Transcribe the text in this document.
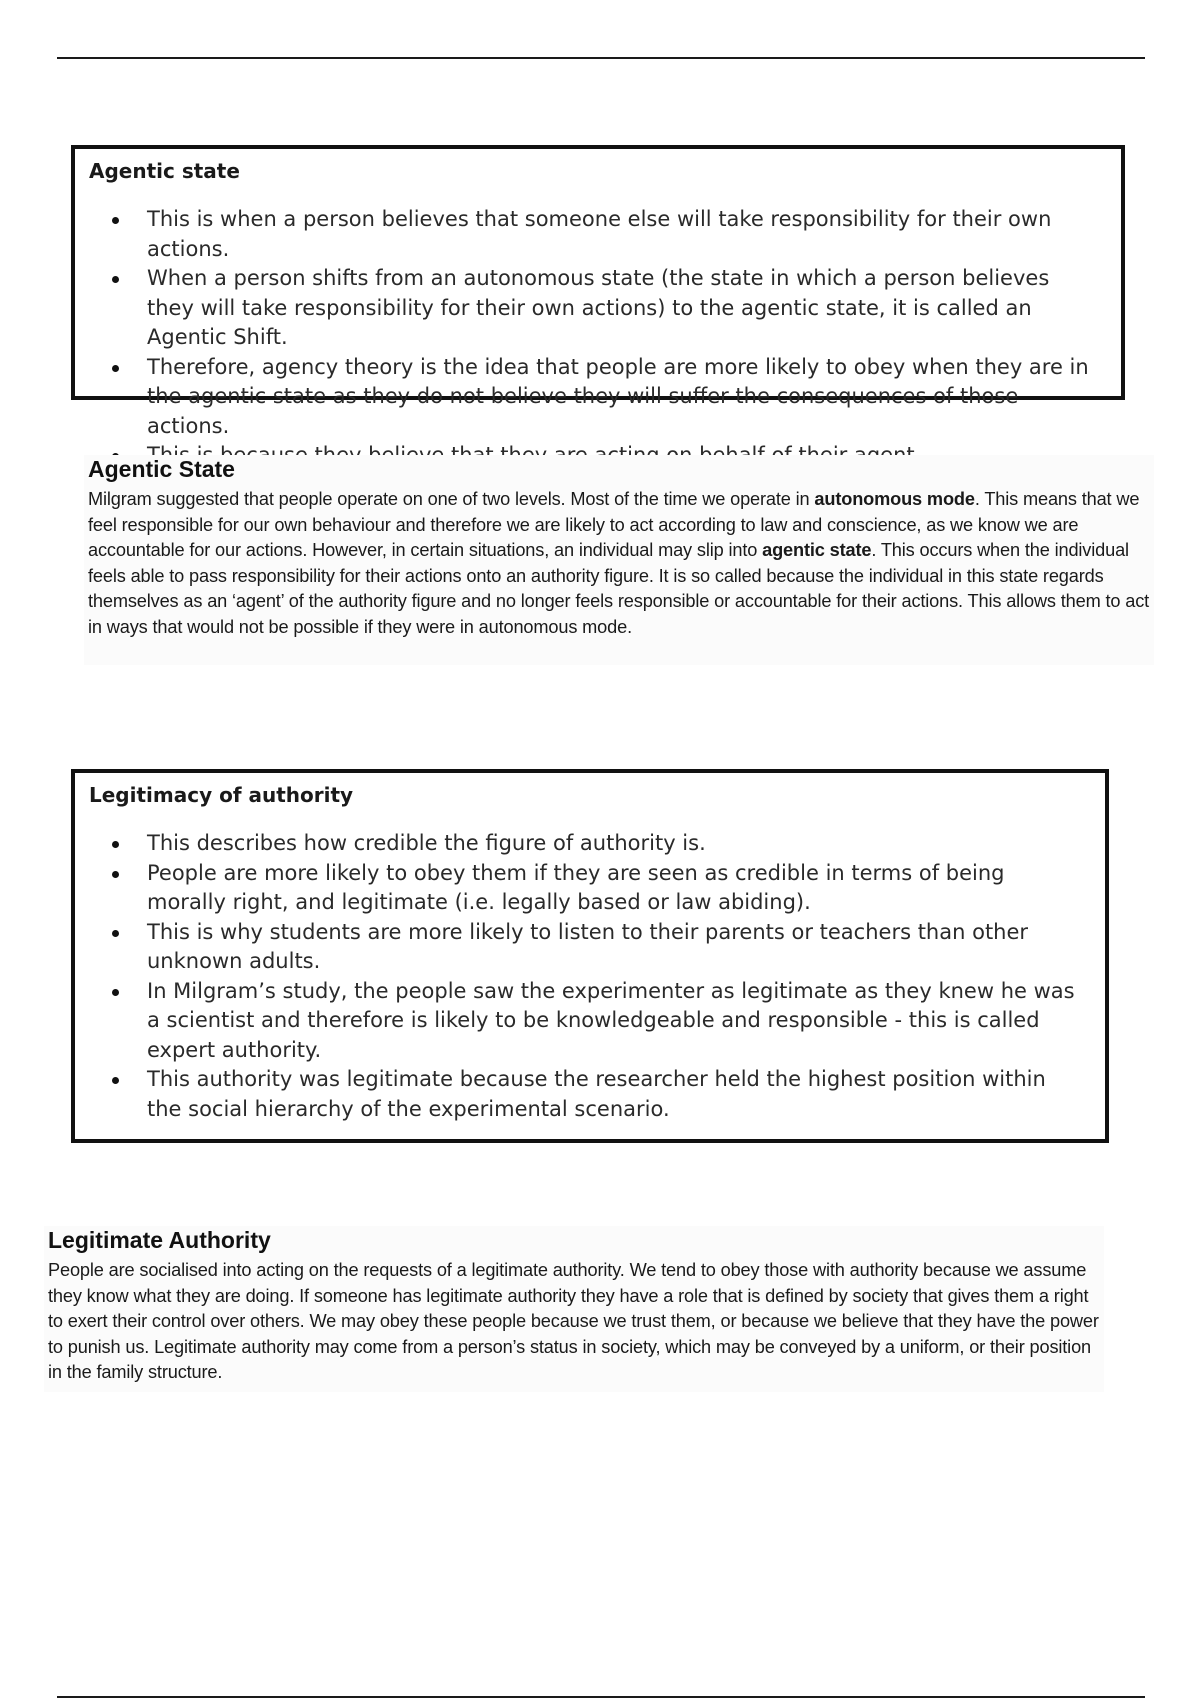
Agentic state
This is when a person believes that someone else will take responsibility for their own actions.
When a person shifts from an autonomous state (the state in which a person believes they will take responsibility for their own actions) to the agentic state, it is called an Agentic Shift.
Therefore, agency theory is the idea that people are more likely to obey when they are in the agentic state as they do not believe they will suffer the consequences of those actions.
Agentic State

Milgram suggested that people operate on one of two levels. Most of the time we operate in autonomous mode. This means that we feel responsible for our own behaviour and therefore we are likely to act according to law and conscience, as we know we are accountable for our actions. However, in certain situations, an individual may slip into agentic state. This occurs when the individual feels able to pass responsibility for their actions onto an authority figure. It is so called because the individual in this state regards themselves as an ‘agent’ of the authority figure and no longer feels responsible or accountable for their actions. This allows them to act in ways that would not be possible if they were in autonomous mode.

Legitimacy of authority
This describes how credible the figure of authority is.
People are more likely to obey them if they are seen as credible in terms of being morally right, and legitimate (i.e. legally based or law abiding).
This is why students are more likely to listen to their parents or teachers than other unknown adults.
In Milgram’s study, the people saw the experimenter as legitimate as they knew he was a scientist and therefore is likely to be knowledgeable and responsible - this is called expert authority.
This authority was legitimate because the researcher held the highest position within the social hierarchy of the experimental scenario.
Legitimate Authority

People are socialised into acting on the requests of a legitimate authority. We tend to obey those with authority because we assume they know what they are doing. If someone has legitimate authority they have a role that is defined by society that gives them a right to exert their control over others. We may obey these people because we trust them, or because we believe that they have the power to punish us. Legitimate authority may come from a person’s status in society, which may be conveyed by a uniform, or their position in the family structure.
